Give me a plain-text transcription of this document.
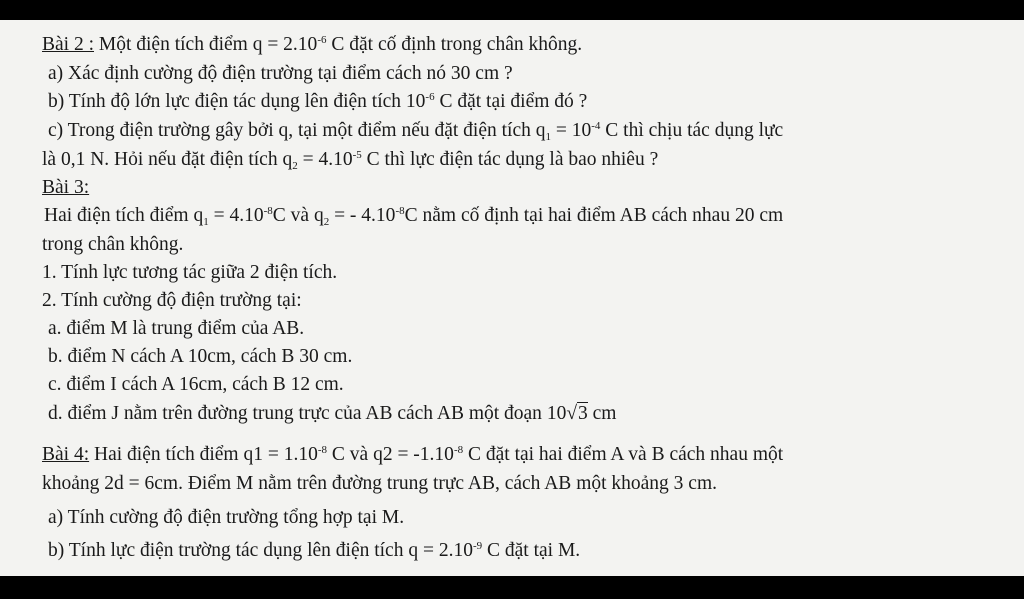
Bài 2 : Một điện tích điểm $q = 2.10^{-6}$ C đặt cố định trong chân không.
a) Xác định cường độ điện trường tại điểm cách nó 30 cm ?
b) Tính độ lớn lực điện tác dụng lên điện tích $10^{-6}$ C đặt tại điểm đó ?
c) Trong điện trường gây bởi q, tại một điểm nếu đặt điện tích $q_1 = 10^{-4}$ C thì chịu tác dụng lực
là 0,1 N. Hỏi nếu đặt điện tích $q_2 = 4.10^{-5}$ C thì lực điện tác dụng là bao nhiêu ?
Bài 3:
Hai điện tích điểm $q_1 = 4.10^{-8}C$ và $q_2$ = - $4.10^{-8}C$ nằm cố định tại hai điểm AB cách nhau 20 cm
trong chân không.
1. Tính lực tương tác giữa 2 điện tích.
2. Tính cường độ điện trường tại:
a. điểm M là trung điểm của AB.
b. điểm N cách A 10cm, cách B 30 cm.
c. điểm I cách A 16cm, cách B 12 cm.
d. điểm J nằm trên đường trung trực của AB cách AB một đoạn 10√3 cm
Bài 4: Hai điện tích điểm $q1 = 1.10^{-8}$ C và $q2 = -1.10^{-8}$ C đặt tại hai điểm A và B cách nhau một
khoảng 2d = 6cm. Điểm M nằm trên đường trung trực AB, cách AB một khoảng 3 cm.
a) Tính cường độ điện trường tổng hợp tại M.
b) Tính lực điện trường tác dụng lên điện tích $q = 2.10^{-9}$ C đặt tại M.
